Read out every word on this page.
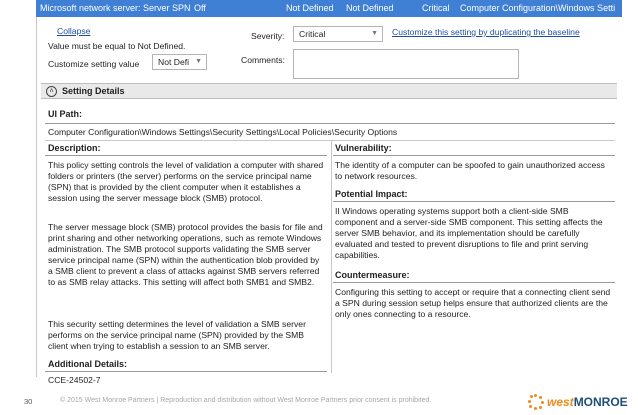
Microsoft network server: Server SPN Off	Not Defined Not Defined	Critical Computer Configuration\Windows Setti
Collapse
Value must be equal to Not Defined.
Customize setting value Not Defi ▼
Severity: Critical	▼ Customize this setting by duplicating the baseline
Comments:
˄ Setting Details
UI Path:
Computer Configuration\Windows Settings\Security Settings\Local Policies\Security Options
Description:
This policy setting controls the level of validation a computer with shared folders or printers (the server) performs on the service principal name (SPN) that is provided by the client computer when it establishes a session using the server message block (SMB) protocol.
The server message block (SMB) protocol provides the basis for file and print sharing and other networking operations, such as remote Windows administration. The SMB protocol supports validating the SMB server service principal name (SPN) within the authentication blob provided by a SMB client to prevent a class of attacks against SMB servers referred to as SMB relay attacks. This setting will affect both SMB1 and SMB2.
This security setting determines the level of validation a SMB server performs on the service principal name (SPN) provided by the SMB client when trying to establish a session to an SMB server.
Additional Details:
CCE-24502-7
Vulnerability:
The identity of a computer can be spoofed to gain unauthorized access to network resources.
Potential Impact:
II Windows operating systems support both a client-side SMB component and a server-side SMB component. This setting affects the server SMB behavior, and its implementation should be carefully evaluated and tested to prevent disruptions to file and print serving capabilities.
Countermeasure:
Configuring this setting to accept or require that a connecting client send a SPN during session setup helps ensure that authorized clients are the only ones connecting to a resource.
30	© 2015 West Monroe Partners | Reproduction and distribution without West Monroe Partners prior consent is prohibited.	west MONROE
